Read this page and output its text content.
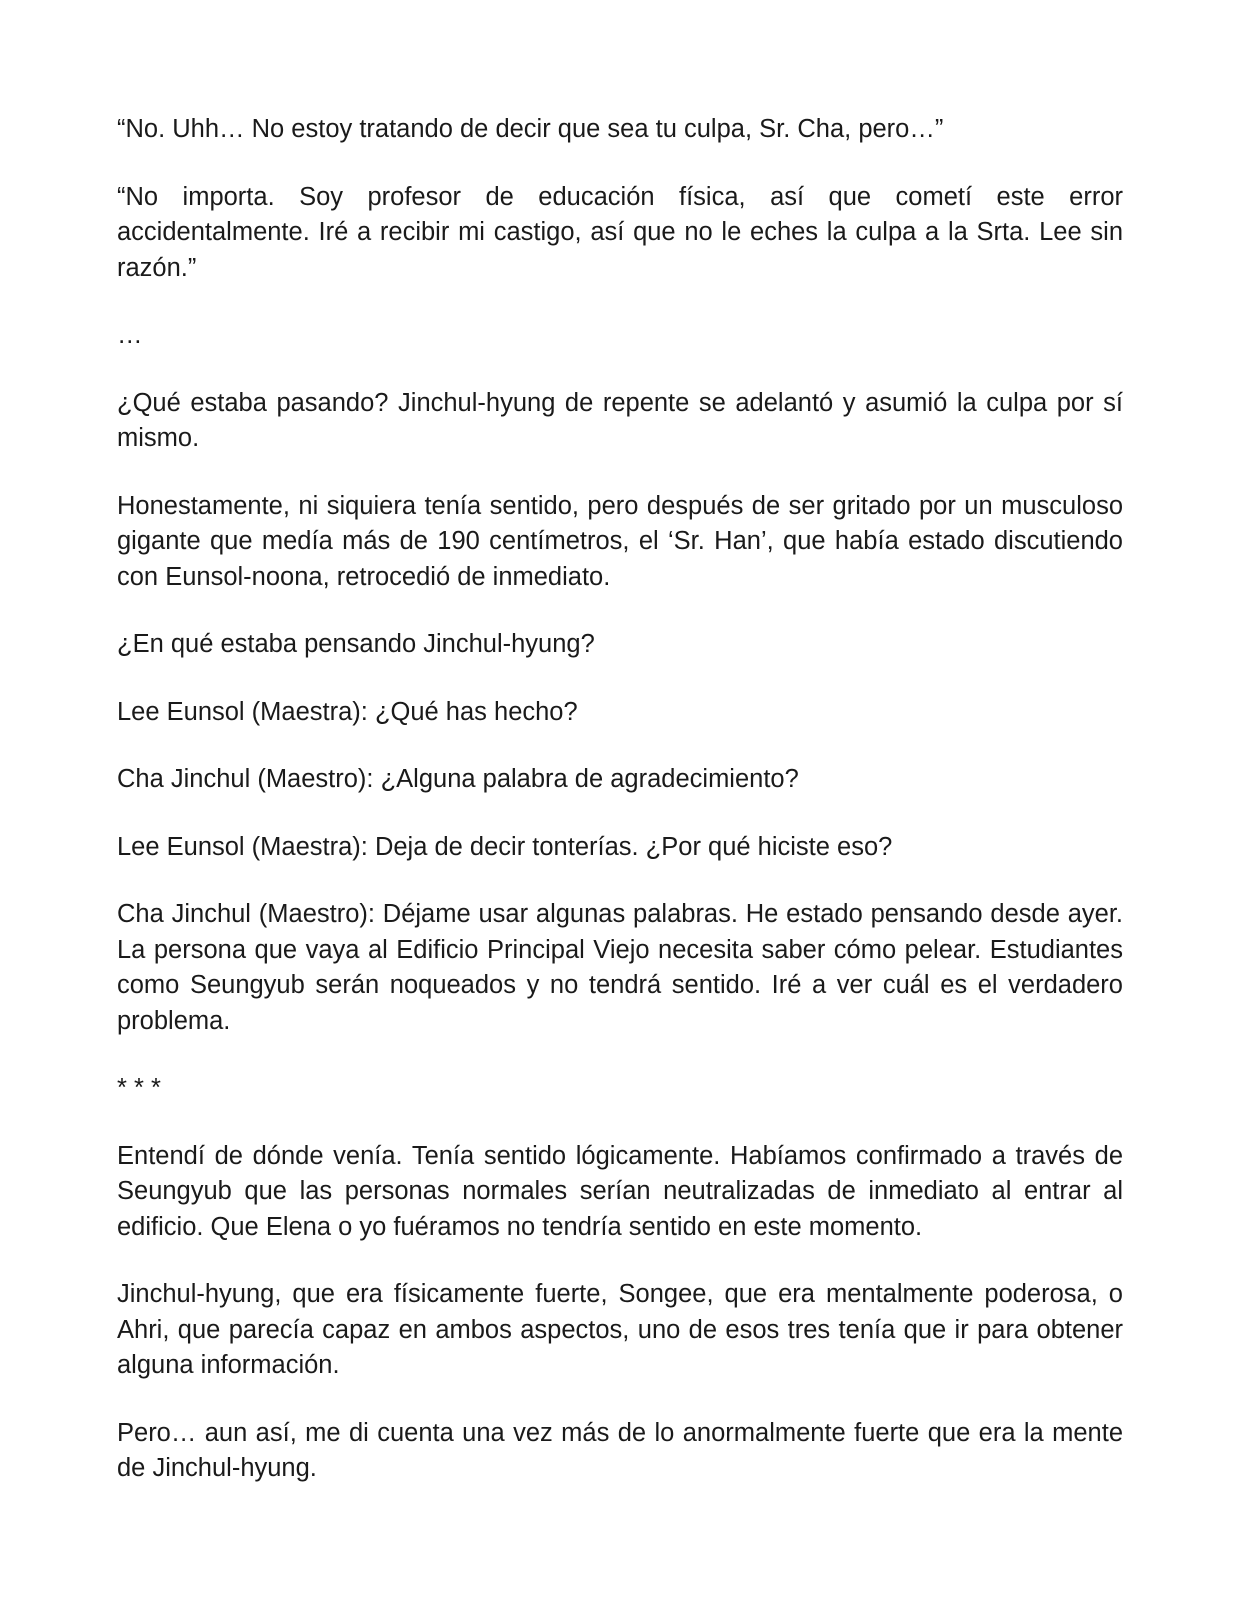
“No. Uhh… No estoy tratando de decir que sea tu culpa, Sr. Cha, pero…”

“No importa. Soy profesor de educación física, así que cometí este error accidentalmente. Iré a recibir mi castigo, así que no le eches la culpa a la Srta. Lee sin razón.”

…

¿Qué estaba pasando? Jinchul-hyung de repente se adelantó y asumió la culpa por sí mismo.

Honestamente, ni siquiera tenía sentido, pero después de ser gritado por un musculoso gigante que medía más de 190 centímetros, el ‘Sr. Han’, que había estado discutiendo con Eunsol-noona, retrocedió de inmediato.

¿En qué estaba pensando Jinchul-hyung?

Lee Eunsol (Maestra): ¿Qué has hecho?

Cha Jinchul (Maestro): ¿Alguna palabra de agradecimiento?

Lee Eunsol (Maestra): Deja de decir tonterías. ¿Por qué hiciste eso?

Cha Jinchul (Maestro): Déjame usar algunas palabras. He estado pensando desde ayer. La persona que vaya al Edificio Principal Viejo necesita saber cómo pelear. Estudiantes como Seungyub serán noqueados y no tendrá sentido. Iré a ver cuál es el verdadero problema.

* * *

Entendí de dónde venía. Tenía sentido lógicamente. Habíamos confirmado a través de Seungyub que las personas normales serían neutralizadas de inmediato al entrar al edificio. Que Elena o yo fuéramos no tendría sentido en este momento.

Jinchul-hyung, que era físicamente fuerte, Songee, que era mentalmente poderosa, o Ahri, que parecía capaz en ambos aspectos, uno de esos tres tenía que ir para obtener alguna información.

Pero… aun así, me di cuenta una vez más de lo anormalmente fuerte que era la mente de Jinchul-hyung.
